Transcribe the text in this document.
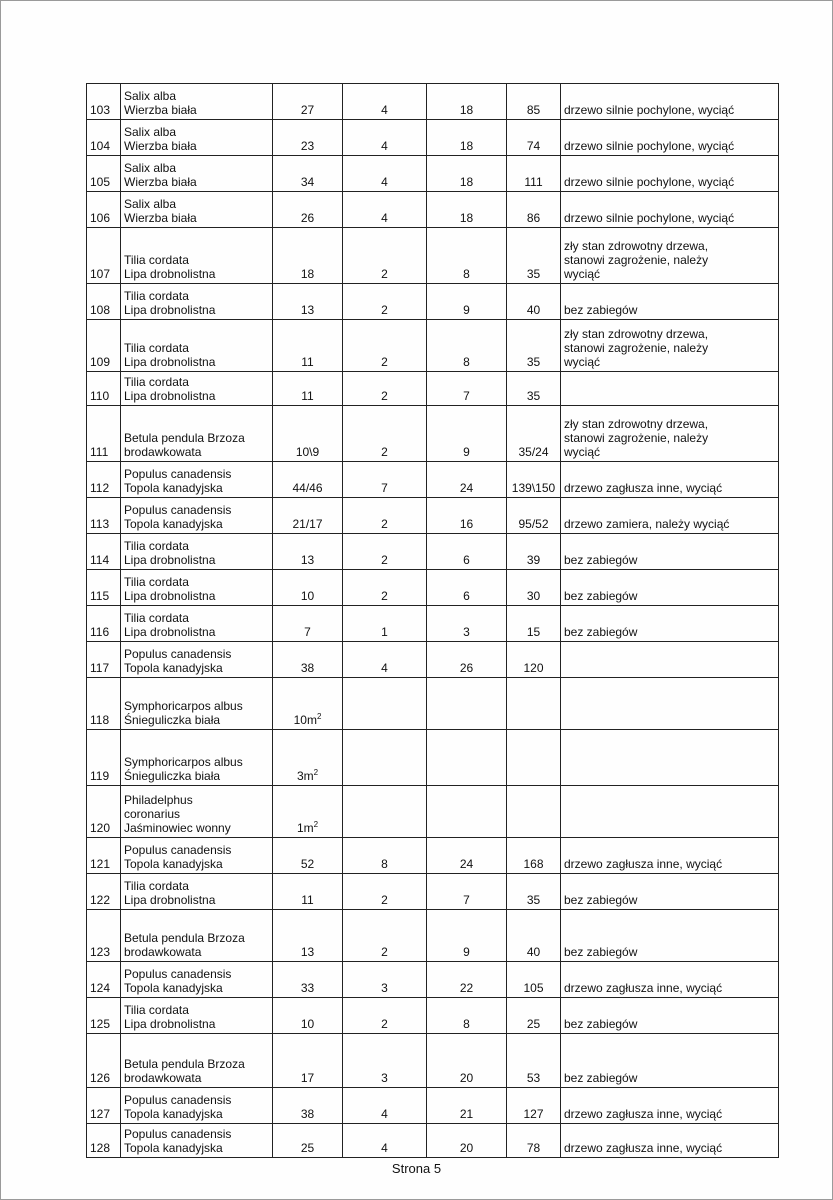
103	Salix alba
Wierzba biała	27	4	18	85	drzewo silnie pochylone, wyciąć

104	Salix alba
Wierzba biała	23	4	18	74	drzewo silnie pochylone, wyciąć

105	Salix alba
Wierzba biała	34	4	18	111	drzewo silnie pochylone, wyciąć

106	Salix alba
Wierzba biała	26	4	18	86	drzewo silnie pochylone, wyciąć

107	Tilia cordata
Lipa drobnolistna	18	2	8	35	zły stan zdrowotny drzewa,
stanowi zagrożenie, należy
wyciąć

108	Tilia cordata
Lipa drobnolistna	13	2	9	40	bez zabiegów

109	Tilia cordata
Lipa drobnolistna	11	2	8	35	zły stan zdrowotny drzewa,
stanowi zagrożenie, należy
wyciąć

110	Tilia cordata
Lipa drobnolistna	11	2	7	35	
111	Betula pendula Brzoza
brodawkowata	10\9	2	9	35/24	zły stan zdrowotny drzewa,
stanowi zagrożenie, należy
wyciąć

112	Populus canadensis
Topola kanadyjska	44/46	7	24	139\150	drzewo zagłusza inne, wyciąć

113	Populus canadensis
Topola kanadyjska	21/17	2	16	95/52	drzewo zamiera, należy wyciąć

114	Tilia cordata
Lipa drobnolistna	13	2	6	39	bez zabiegów

115	Tilia cordata
Lipa drobnolistna	10	2	6	30	bez zabiegów

116	Tilia cordata
Lipa drobnolistna	7	1	3	15	bez zabiegów

117	Populus canadensis
Topola kanadyjska	38	4	26	120	
118	Symphoricarpos albus
Śnieguliczka biała	$10m^2$				
119	Symphoricarpos albus
Śnieguliczka biała	$3m^2$				
120	Philadelphus
coronarius
Jaśminowiec wonny	$1m^2$				
121	Populus canadensis
Topola kanadyjska	52	8	24	168	drzewo zagłusza inne, wyciąć

122	Tilia cordata
Lipa drobnolistna	11	2	7	35	bez zabiegów

123	Betula pendula Brzoza
brodawkowata	13	2	9	40	bez zabiegów

124	Populus canadensis
Topola kanadyjska	33	3	22	105	drzewo zagłusza inne, wyciąć

125	Tilia cordata
Lipa drobnolistna	10	2	8	25	bez zabiegów

126	Betula pendula Brzoza
brodawkowata	17	3	20	53	bez zabiegów

127	Populus canadensis
Topola kanadyjska	38	4	21	127	drzewo zagłusza inne, wyciąć

128	Populus canadensis
Topola kanadyjska	25	4	20	78	drzewo zagłusza inne, wyciąć
Strona 5
